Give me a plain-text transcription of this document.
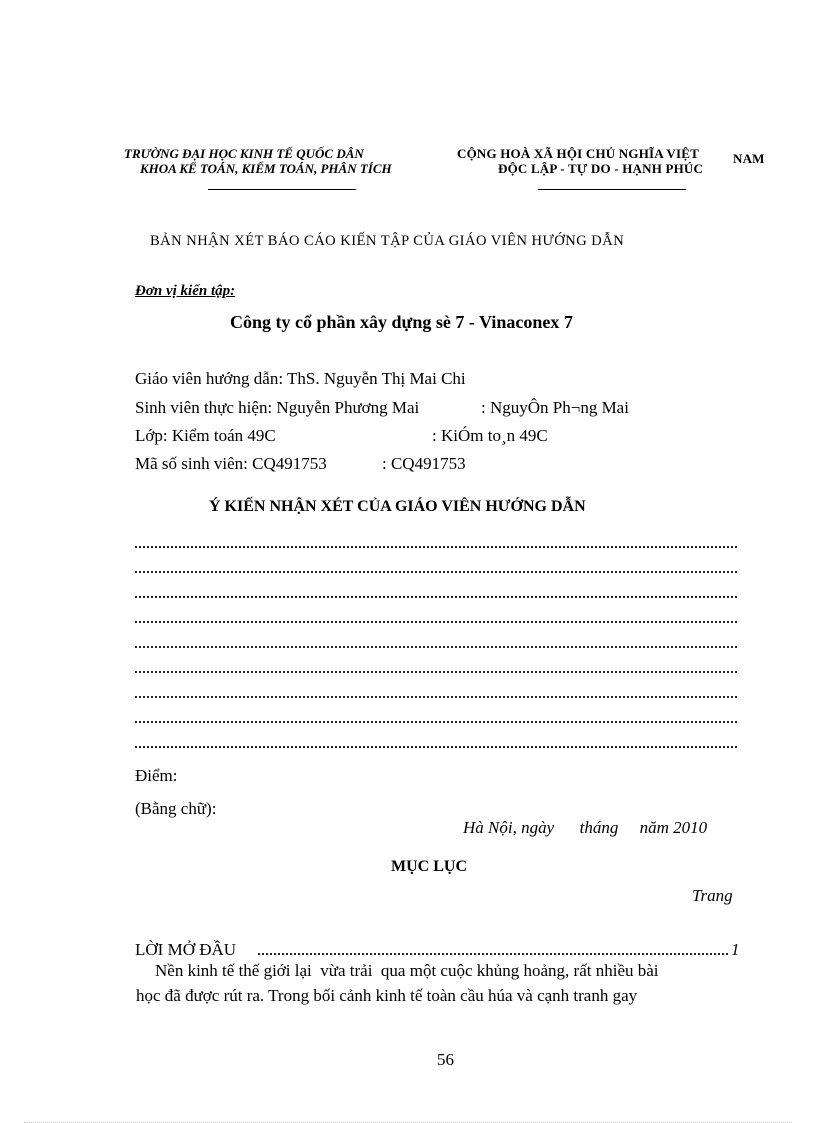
TRƯỜNG ĐẠI HỌC KINH TẾ QUỐC DÂN
KHOA KẾ TOÁN, KIỂM TOÁN, PHÂN TÍCH
CỘNG HOÀ XÃ HỘI CHỦ NGHĨA VIỆT	NAM
ĐỘC LẬP - TỰ DO - HẠNH PHÚC
BẢN NHẬN XÉT BÁO CÁO KIẾN TẬP CỦA GIÁO VIÊN HƯỚNG DẪN
Đơn vị kiến tập:
Công ty cổ phần xây dựng sè 7 - Vinaconex 7
Giáo viên hướng dẫn: ThS. Nguyễn Thị Mai Chi
Sinh viên thực hiện: Nguyễn Phương Mai	: NguyÔn Ph¬ng Mai
Lớp: Kiểm toán 49C	: KiÓm to¸n 49C
Mã số sinh viên: CQ491753	: CQ491753
Ý KIẾN NHẬN XÉT CỦA GIÁO VIÊN HƯỚNG DẪN
Điểm:
(Bằng chữ):
Hà Nội, ngày      tháng     năm 2010
MỤC LỤC
Trang
LỜI MỞ ĐẦU	1
Nền kinh tế thế giới lại  vừa trải  qua một cuộc khủng hoảng, rất nhiều bài
học đã được rút ra. Trong bối cảnh kinh tế toàn cầu húa và cạnh tranh gay
56
